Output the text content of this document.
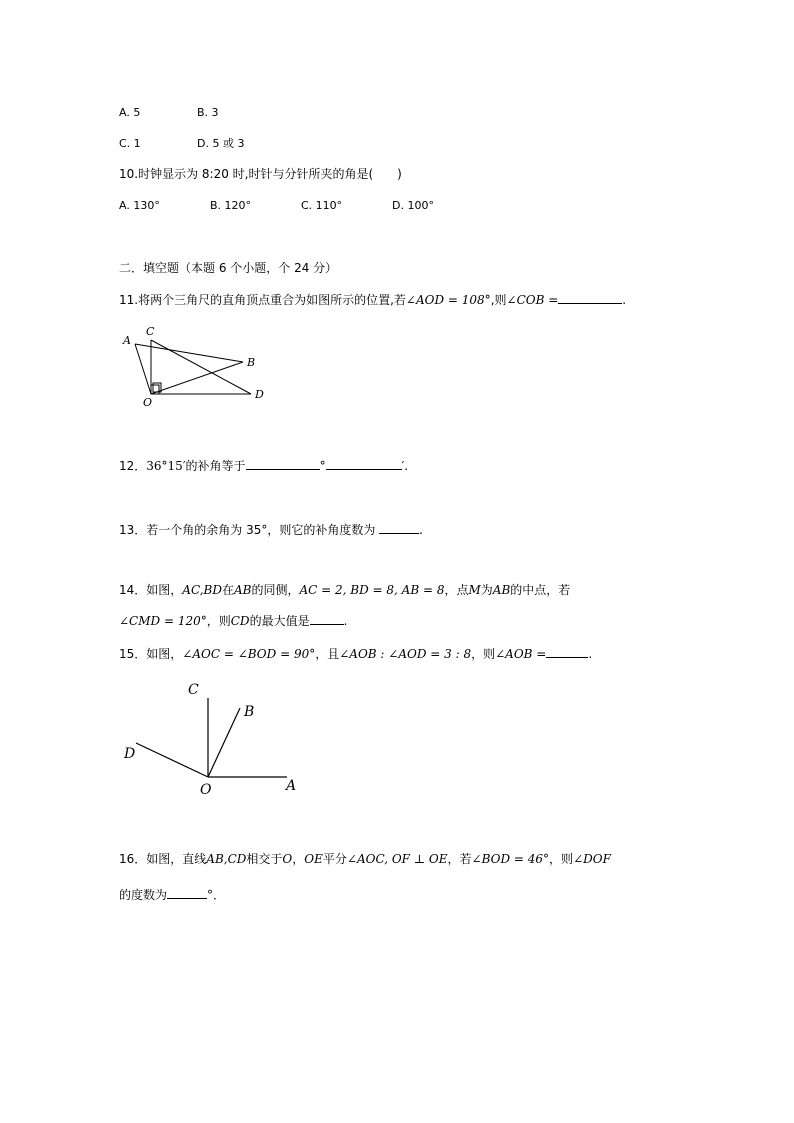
A. 5	B. 3
C. 1	D. 5 或 3
10.时钟显示为 8:20 时,时针与分针所夹的角是(　　)
A. 130°	B. 120°	C. 110°	D. 100°
二．填空题（本题 6 个小题，个 24 分）
11.将两个三角尺的直角顶点重合为如图所示的位置,若∠AOD = 108°,则∠COB =	.
A
C
B
O
D
12．36°15′的补角等于	°	′.
13．若一个角的余角为 35°，则它的补角度数为	.
14．如图，AC,BD在AB的同侧，AC = 2, BD = 8, AB = 8，点M为AB的中点，若
∠CMD = 120°，则CD的最大值是	.
15．如图，∠AOC = ∠BOD = 90°，且∠AOB : ∠AOD = 3 : 8，则∠AOB =	.
C
B
D
O	A
16．如图，直线AB,CD相交于O，OE平分∠AOC, OF ⊥ OE，若∠BOD = 46°，则∠DOF
的度数为	°．
